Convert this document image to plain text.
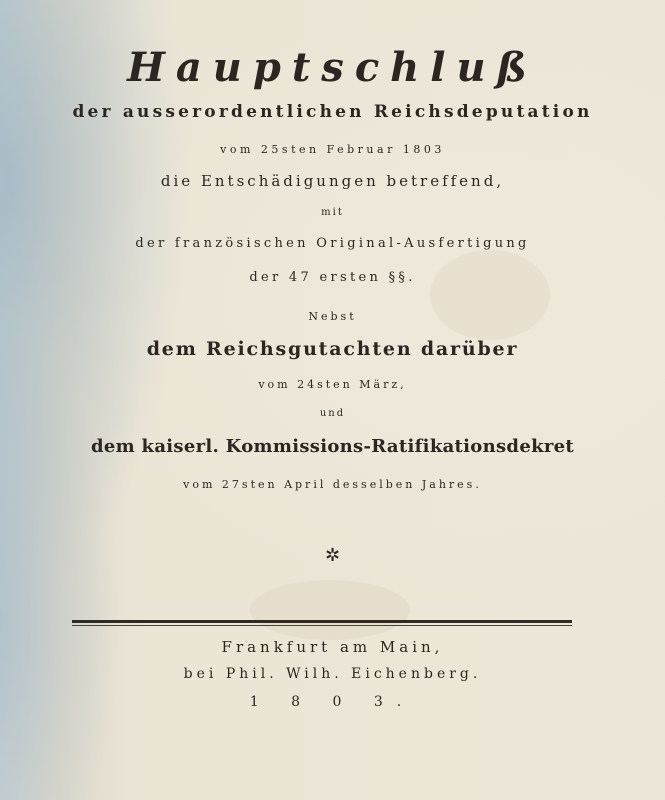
Hauptschluß
der ausserordentlichen Reichsdeputation
vom 25sten Februar 1803
die Entschädigungen betreffend,
mit
der französischen Original-Ausfertigung
der 47 ersten §§.
Nebst
dem Reichsgutachten darüber
vom 24sten März,
und
dem kaiserl. Kommissions-Ratifikationsdekret
vom 27sten April desselben Jahres.
✲
Frankfurt am Main,
bei Phil. Wilh. Eichenberg.
1 8 0 3.
